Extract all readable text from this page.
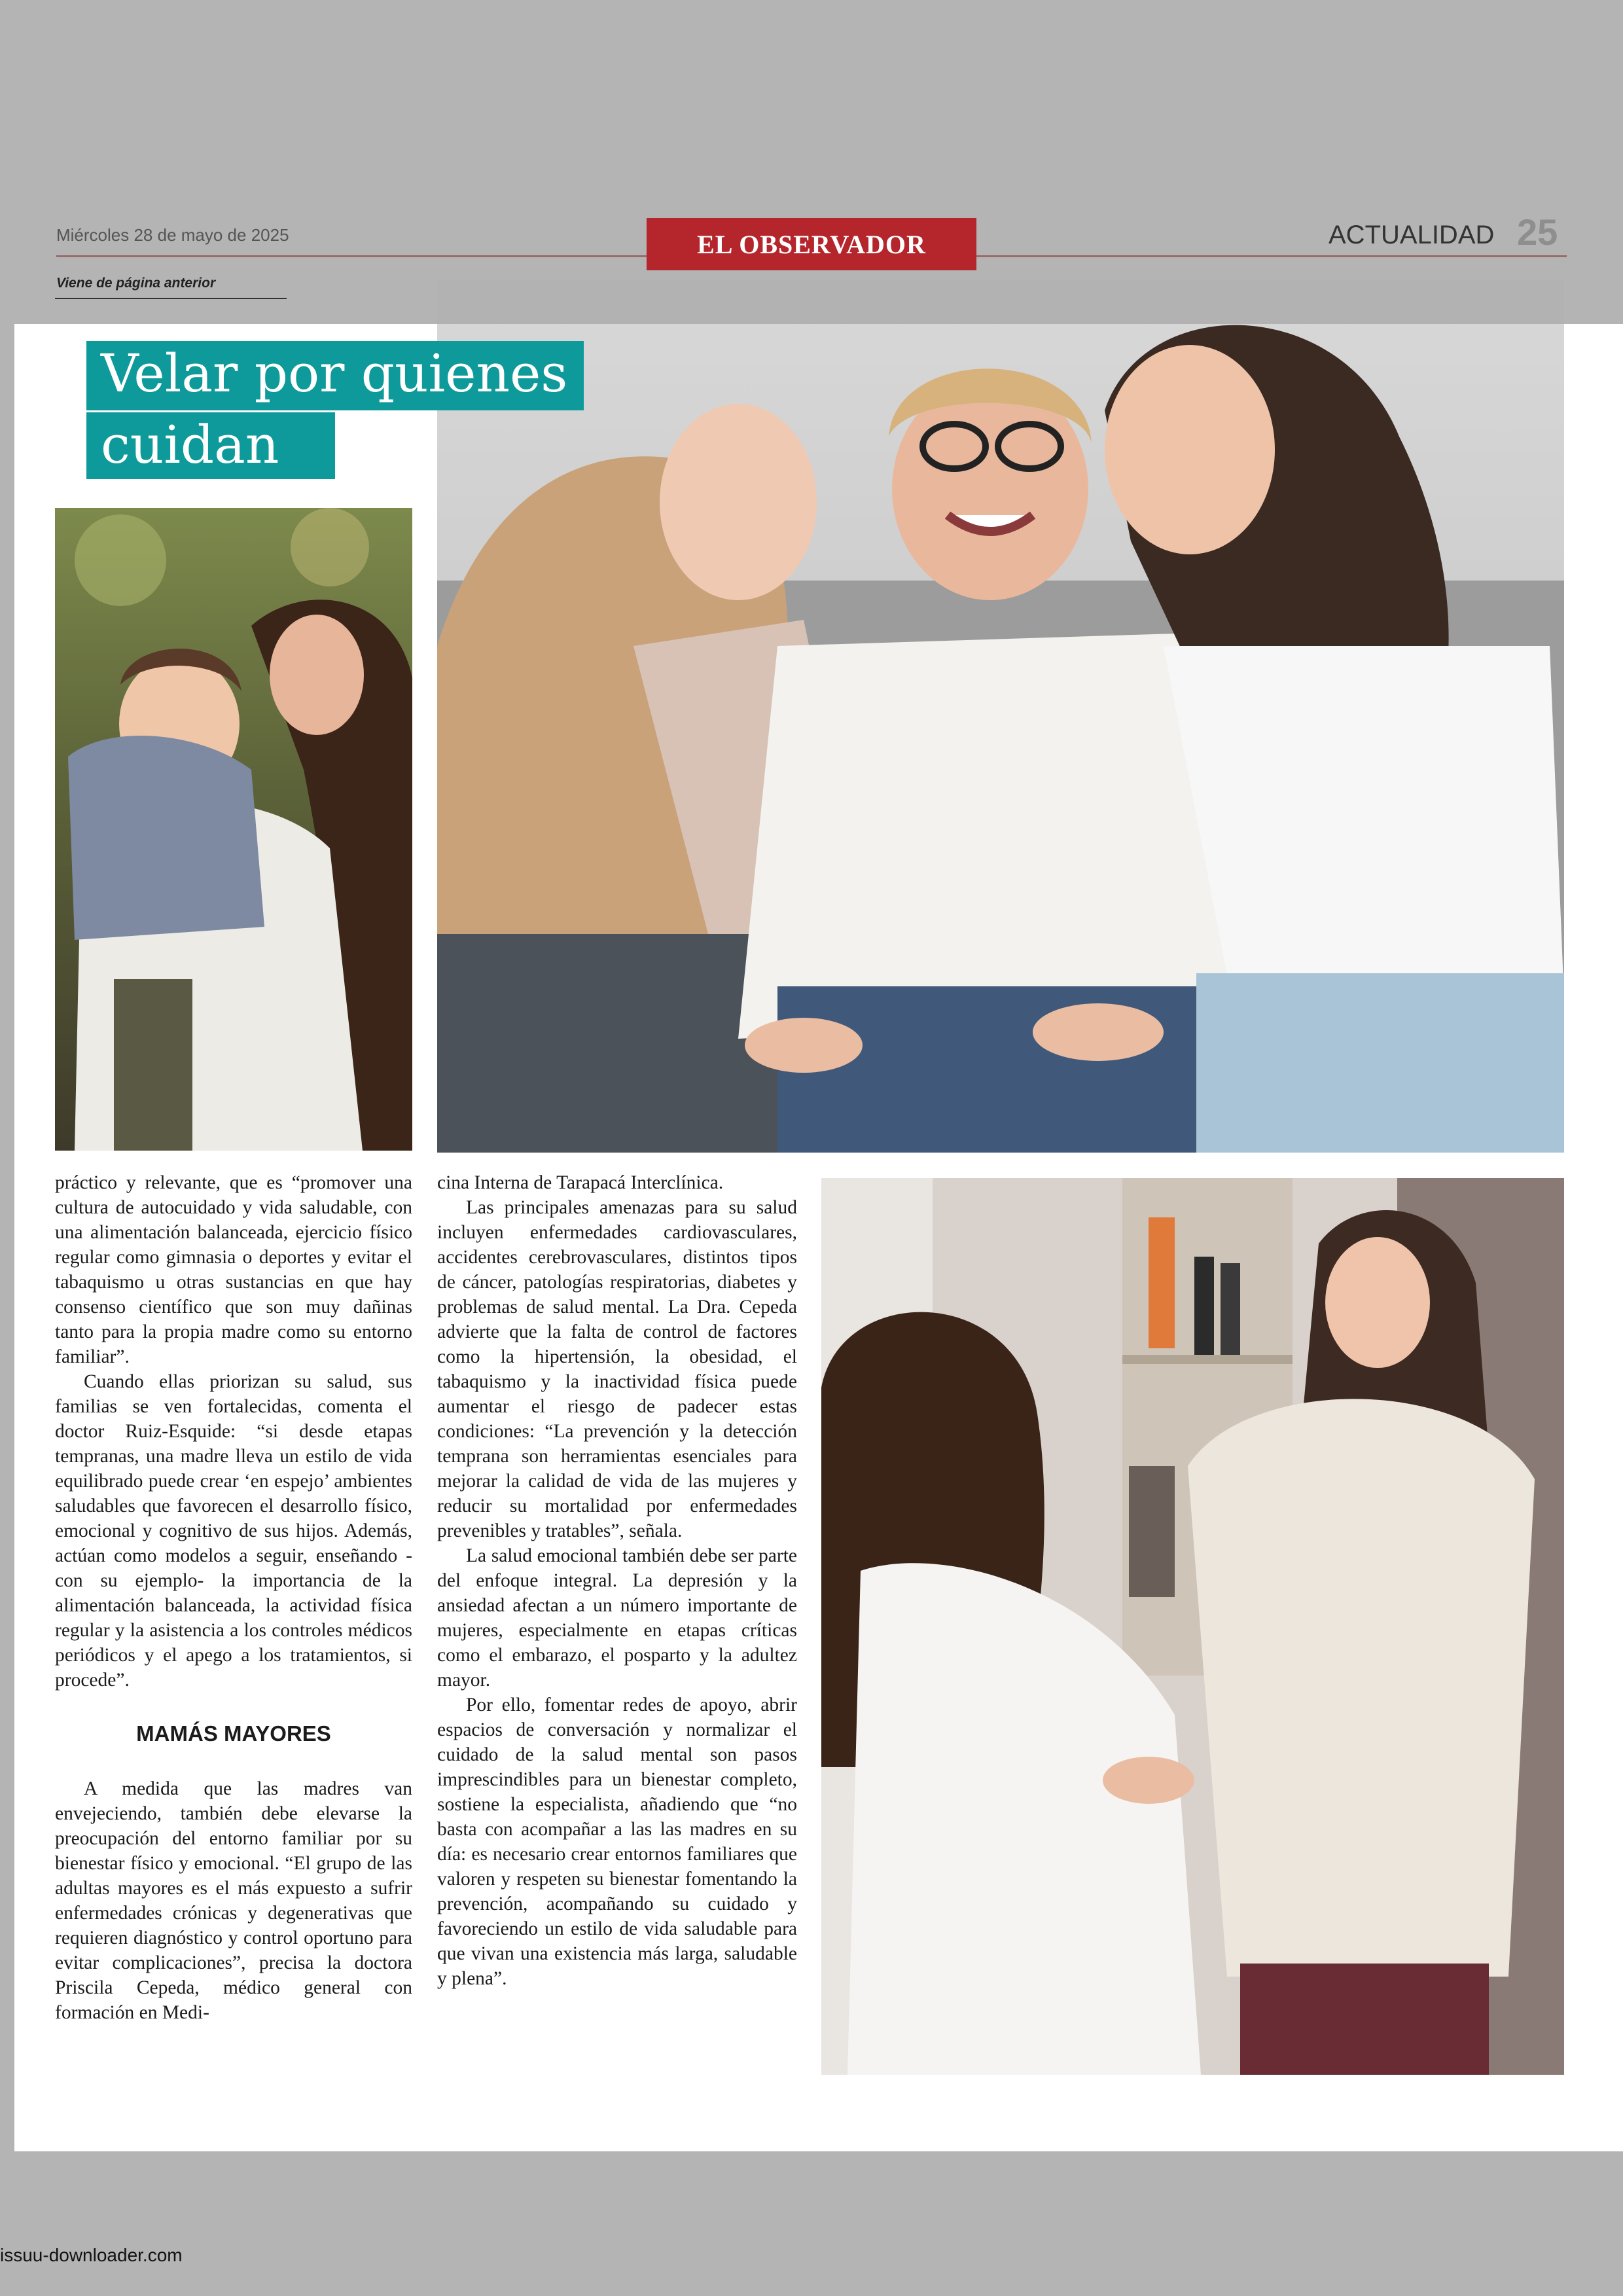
Miércoles 28 de mayo de 2025	EL OBSERVADOR	ACTUALIDAD 25
Viene de página anterior
Velar por quienes
cuidan

práctico y relevante, que es “promover una cultura de autocuidado y vida saludable, con una alimentación balanceada, ejercicio físico regular como gimnasia o deportes y evitar el tabaquismo u otras sustancias en que hay consenso científico que son muy dañinas tanto para la propia madre como su entorno familiar”.

Cuando ellas priorizan su salud, sus familias se ven fortalecidas, comenta el doctor Ruiz-Esquide: “si desde etapas tempranas, una madre lleva un estilo de vida equilibrado puede crear ‘en espejo’ ambientes saludables que favorecen el desarrollo físico, emocional y cognitivo de sus hijos. Además, actúan como modelos a seguir, enseñando -con su ejemplo- la importancia de la alimentación balanceada, la actividad física regular y la asistencia a los controles médicos periódicos y el apego a los tratamientos, si procede”.

MAMÁS MAYORES

A medida que las madres van envejeciendo, también debe elevarse la preocupación del entorno familiar por su bienestar físico y emocional. “El grupo de las adultas mayores es el más expuesto a sufrir enfermedades crónicas y degenerativas que requieren diagnóstico y control oportuno para evitar complicaciones”, precisa la doctora Priscila Cepeda, médico general con formación en Medi-

cina Interna de Tarapacá Interclínica.

Las principales amenazas para su salud incluyen enfermedades cardiovasculares, accidentes cerebrovasculares, distintos tipos de cáncer, patologías respiratorias, diabetes y problemas de salud mental. La Dra. Cepeda advierte que la falta de control de factores como la hipertensión, la obesidad, el tabaquismo y la inactividad física puede aumentar el riesgo de padecer estas condiciones: “La prevención y la detección temprana son herramientas esenciales para mejorar la calidad de vida de las mujeres y reducir su mortalidad por enfermedades prevenibles y tratables”, señala.

La salud emocional también debe ser parte del enfoque integral. La depresión y la ansiedad afectan a un número importante de mujeres, especialmente en etapas críticas como el embarazo, el posparto y la adultez mayor.

Por ello, fomentar redes de apoyo, abrir espacios de conversación y normalizar el cuidado de la salud mental son pasos imprescindibles para un bienestar completo, sostiene la especialista, añadiendo que “no basta con acompañar a las las madres en su día: es necesario crear entornos familiares que valoren y respeten su bienestar fomentando la prevención, acompañando su cuidado y favoreciendo un estilo de vida saludable para que vivan una existencia más larga, saludable y plena”.

issuu-downloader.com
